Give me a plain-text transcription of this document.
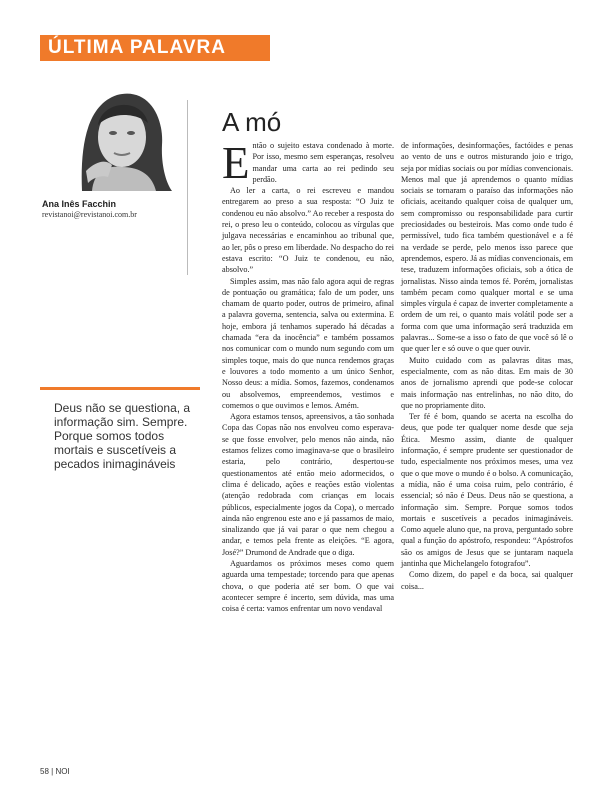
ÚLTIMA PALAVRA
Ana Inês Facchin
revistanoi@revistanoi.com.br
Deus não se questiona, a informação sim. Sempre. Porque somos todos mortais e suscetíveis a pecados inimagináveis
A mó

Então o sujeito estava condenado à morte. Por isso, mesmo sem esperanças, resolveu mandar uma carta ao rei pedindo seu perdão.

Ao ler a carta, o rei escreveu e mandou entregarem ao preso a sua resposta: “O Juiz te condenou eu não absolvo.” Ao receber a resposta do rei, o preso leu o conteúdo, colocou as vírgulas que julgava necessárias e encaminhou ao tribunal que, ao ler, pôs o preso em liberdade. No despacho do rei estava escrito: “O Juiz te condenou, eu não, absolvo.”

Simples assim, mas não falo agora aqui de regras de pontuação ou gramática; falo de um poder, uns chamam de quarto poder, outros de primeiro, afinal a palavra governa, sentencia, salva ou extermina. E hoje, embora já tenhamos superado há décadas a chamada “era da inocência” e também possamos nos comunicar com o mundo num segundo com um simples toque, mais do que nunca rendemos graças e louvores a todo momento a um único Senhor, Nosso deus: a mídia. Somos, fazemos, condenamos ou absolvemos, empreendemos, vestimos e comemos o que ouvimos e lemos. Amém.

Agora estamos tensos, apreensivos, a tão sonhada Copa das Copas não nos envolveu como esperava-se que fosse envolver, pelo menos não ainda, não estamos felizes como imaginava-se que o brasileiro estaria, pelo contrário, despertou-se questionamentos até então meio adormecidos, o clima é delicado, ações e reações estão violentas (atenção redobrada com crianças em locais públicos, especialmente jogos da Copa), o mercado ainda não engrenou este ano e já passamos de maio, sinalizando que já vai parar o que nem chegou a andar, e temos pela frente as eleições. “E agora, José?” Drumond de Andrade que o diga.

Aguardamos os próximos meses como quem aguarda uma tempestade; torcendo para que apenas chova, o que poderia até ser bom. O que vai acontecer sempre é incerto, sem dúvida, mas uma coisa é certa: vamos enfrentar um novo vendaval

de informações, desinformações, factóides e penas ao vento de uns e outros misturando joio e trigo, seja por mídias sociais ou por mídias convencionais. Menos mal que já aprendemos o quanto mídias sociais se tornaram o paraíso das informações não oficiais, aceitando qualquer coisa de qualquer um, sem compromisso ou responsabilidade para curtir preciosidades ou besteirois. Mas como onde tudo é permissível, tudo fica também questionável e a fé na verdade se perde, pelo menos isso parece que aprendemos, espero. Já as mídias convencionais, em tese, traduzem informações oficiais, sob a ótica de jornalistas. Nisso ainda temos fé. Porém, jornalistas também pecam como qualquer mortal e se uma simples vírgula é capaz de inverter completamente a ordem de um rei, o quanto mais volátil pode ser a forma com que uma informação será traduzida em palavras... Some-se a isso o fato de que você só lê o que quer ler e só ouve o que quer ouvir.

Muito cuidado com as palavras ditas mas, especialmente, com as não ditas. Em mais de 30 anos de jornalismo aprendi que pode-se colocar mais informação nas entrelinhas, no não dito, do que no propriamente dito.

Ter fé é bom, quando se acerta na escolha do deus, que pode ter qualquer nome desde que seja Ética. Mesmo assim, diante de qualquer informação, é sempre prudente ser questionador de tudo, especialmente nos próximos meses, uma vez que o que move o mundo é o bolso. A comunicação, a mídia, não é uma coisa ruim, pelo contrário, é essencial; só não é Deus. Deus não se questiona, a informação sim. Sempre. Porque somos todos mortais e suscetíveis a pecados inimagináveis. Como aquele aluno que, na prova, perguntado sobre qual a função do apóstrofo, respondeu: “Apóstrofos são os amigos de Jesus que se juntaram naquela jantinha que Michelangelo fotografou”.

Como dizem, do papel e da boca, sai qualquer coisa...

58 | NOI
